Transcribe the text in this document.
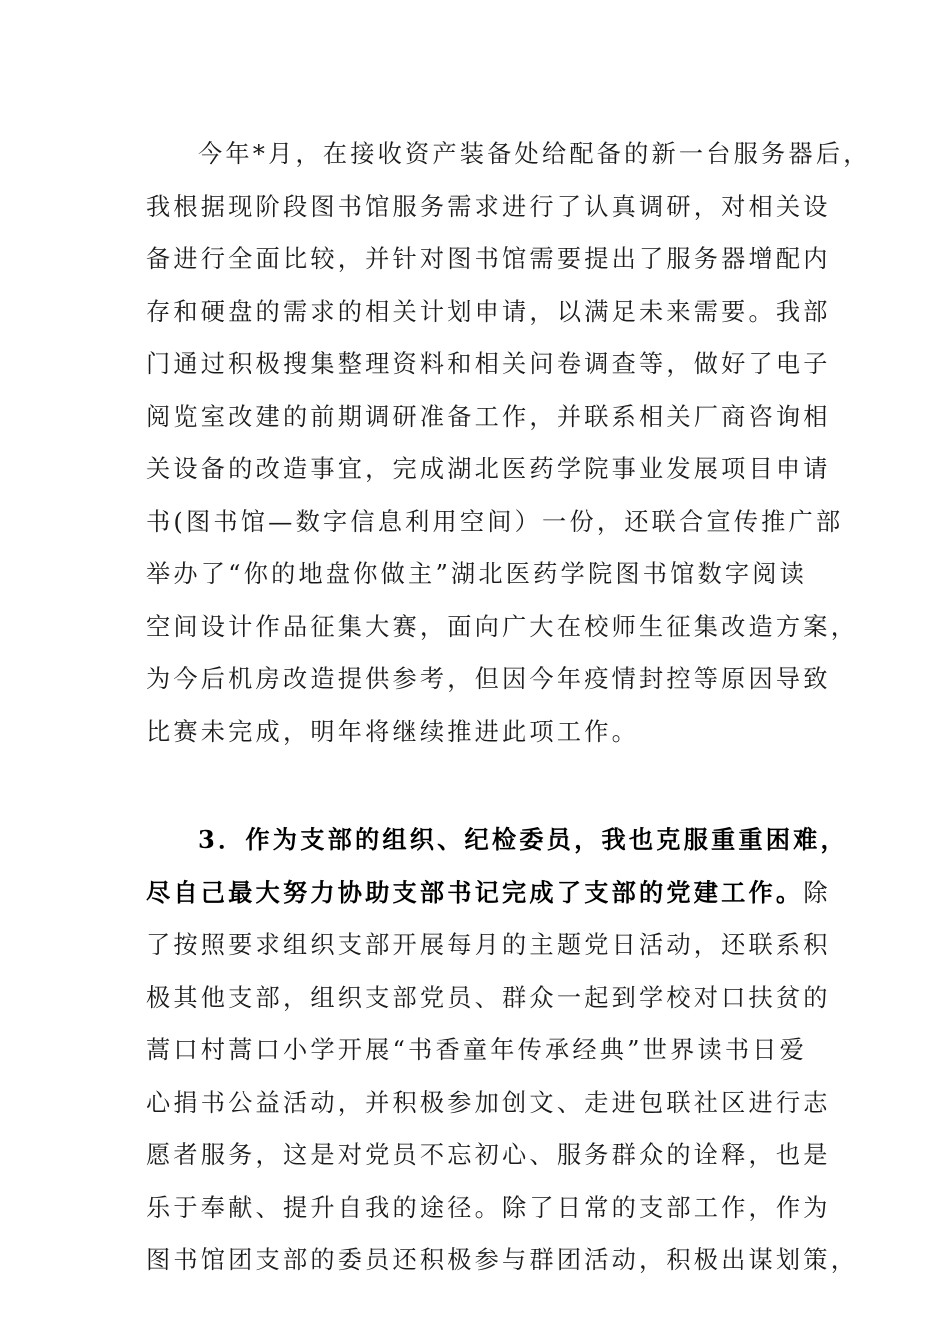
今年*月，在接收资产装备处给配备的新一台服务器后，
我根据现阶段图书馆服务需求进行了认真调研，对相关设
备进行全面比较，并针对图书馆需要提出了服务器增配内
存和硬盘的需求的相关计划申请，以满足未来需要。我部
门通过积极搜集整理资料和相关问卷调查等，做好了电子
阅览室改建的前期调研准备工作，并联系相关厂商咨询相
关设备的改造事宜，完成湖北医药学院事业发展项目申请
书(图书馆—数字信息利用空间）一份，还联合宣传推广部
举办了“你的地盘你做主”湖北医药学院图书馆数字阅读
空间设计作品征集大赛，面向广大在校师生征集改造方案，
为今后机房改造提供参考，但因今年疫情封控等原因导致
比赛未完成，明年将继续推进此项工作。
3．作为支部的组织、纪检委员，我也克服重重困难，
尽自己最大努力协助支部书记完成了支部的党建工作。除
了按照要求组织支部开展每月的主题党日活动，还联系积
极其他支部，组织支部党员、群众一起到学校对口扶贫的
蒿口村蒿口小学开展“书香童年传承经典”世界读书日爱
心捐书公益活动，并积极参加创文、走进包联社区进行志
愿者服务，这是对党员不忘初心、服务群众的诠释，也是
乐于奉献、提升自我的途径。除了日常的支部工作，作为
图书馆团支部的委员还积极参与群团活动，积极出谋划策，
